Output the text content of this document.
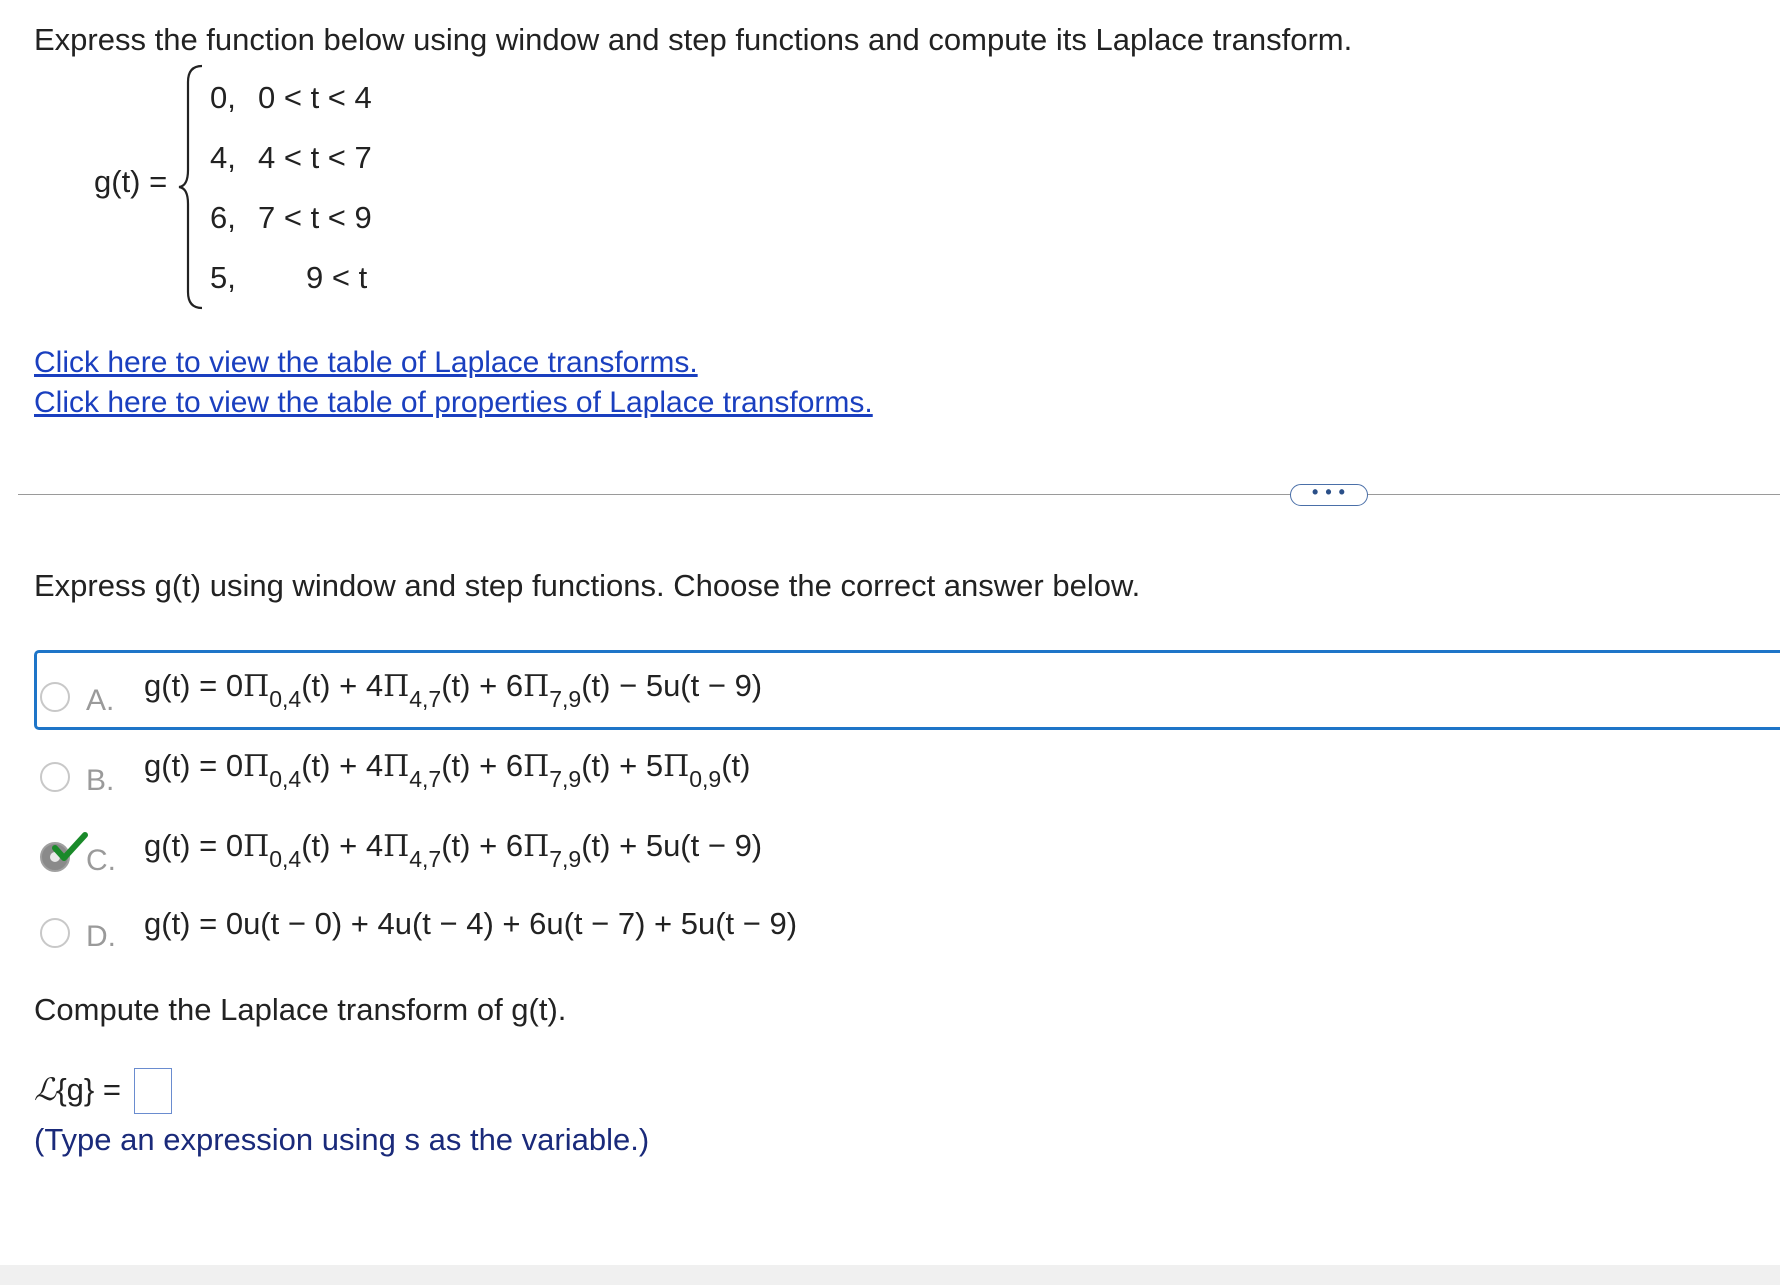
Express the function below using window and step functions and compute its Laplace transform.
g(t) =
0, 0 < t < 4
4, 4 < t < 7
6, 7 < t < 9
5, 9 < t
Click here to view the table of Laplace transforms.
Click here to view the table of properties of Laplace transforms.
• • •
Express g(t) using window and step functions. Choose the correct answer below.
A. $g(t) = 0\Pi_{0,4}(t) + 4\Pi_{4,7}(t) + 6\Pi_{7,9}(t) - 5u(t - 9)$
B. $g(t) = 0\Pi_{0,4}(t) + 4\Pi_{4,7}(t) + 6\Pi_{7,9}(t) + 5\Pi_{0,9}(t)$
C. $g(t) = 0\Pi_{0,4}(t) + 4\Pi_{4,7}(t) + 6\Pi_{7,9}(t) + 5u(t - 9)$
D. g(t) = 0u(t − 0) + 4u(t − 4) + 6u(t − 7) + 5u(t − 9)
Compute the Laplace transform of g(t).
ℒ{g} =
(Type an expression using s as the variable.)
